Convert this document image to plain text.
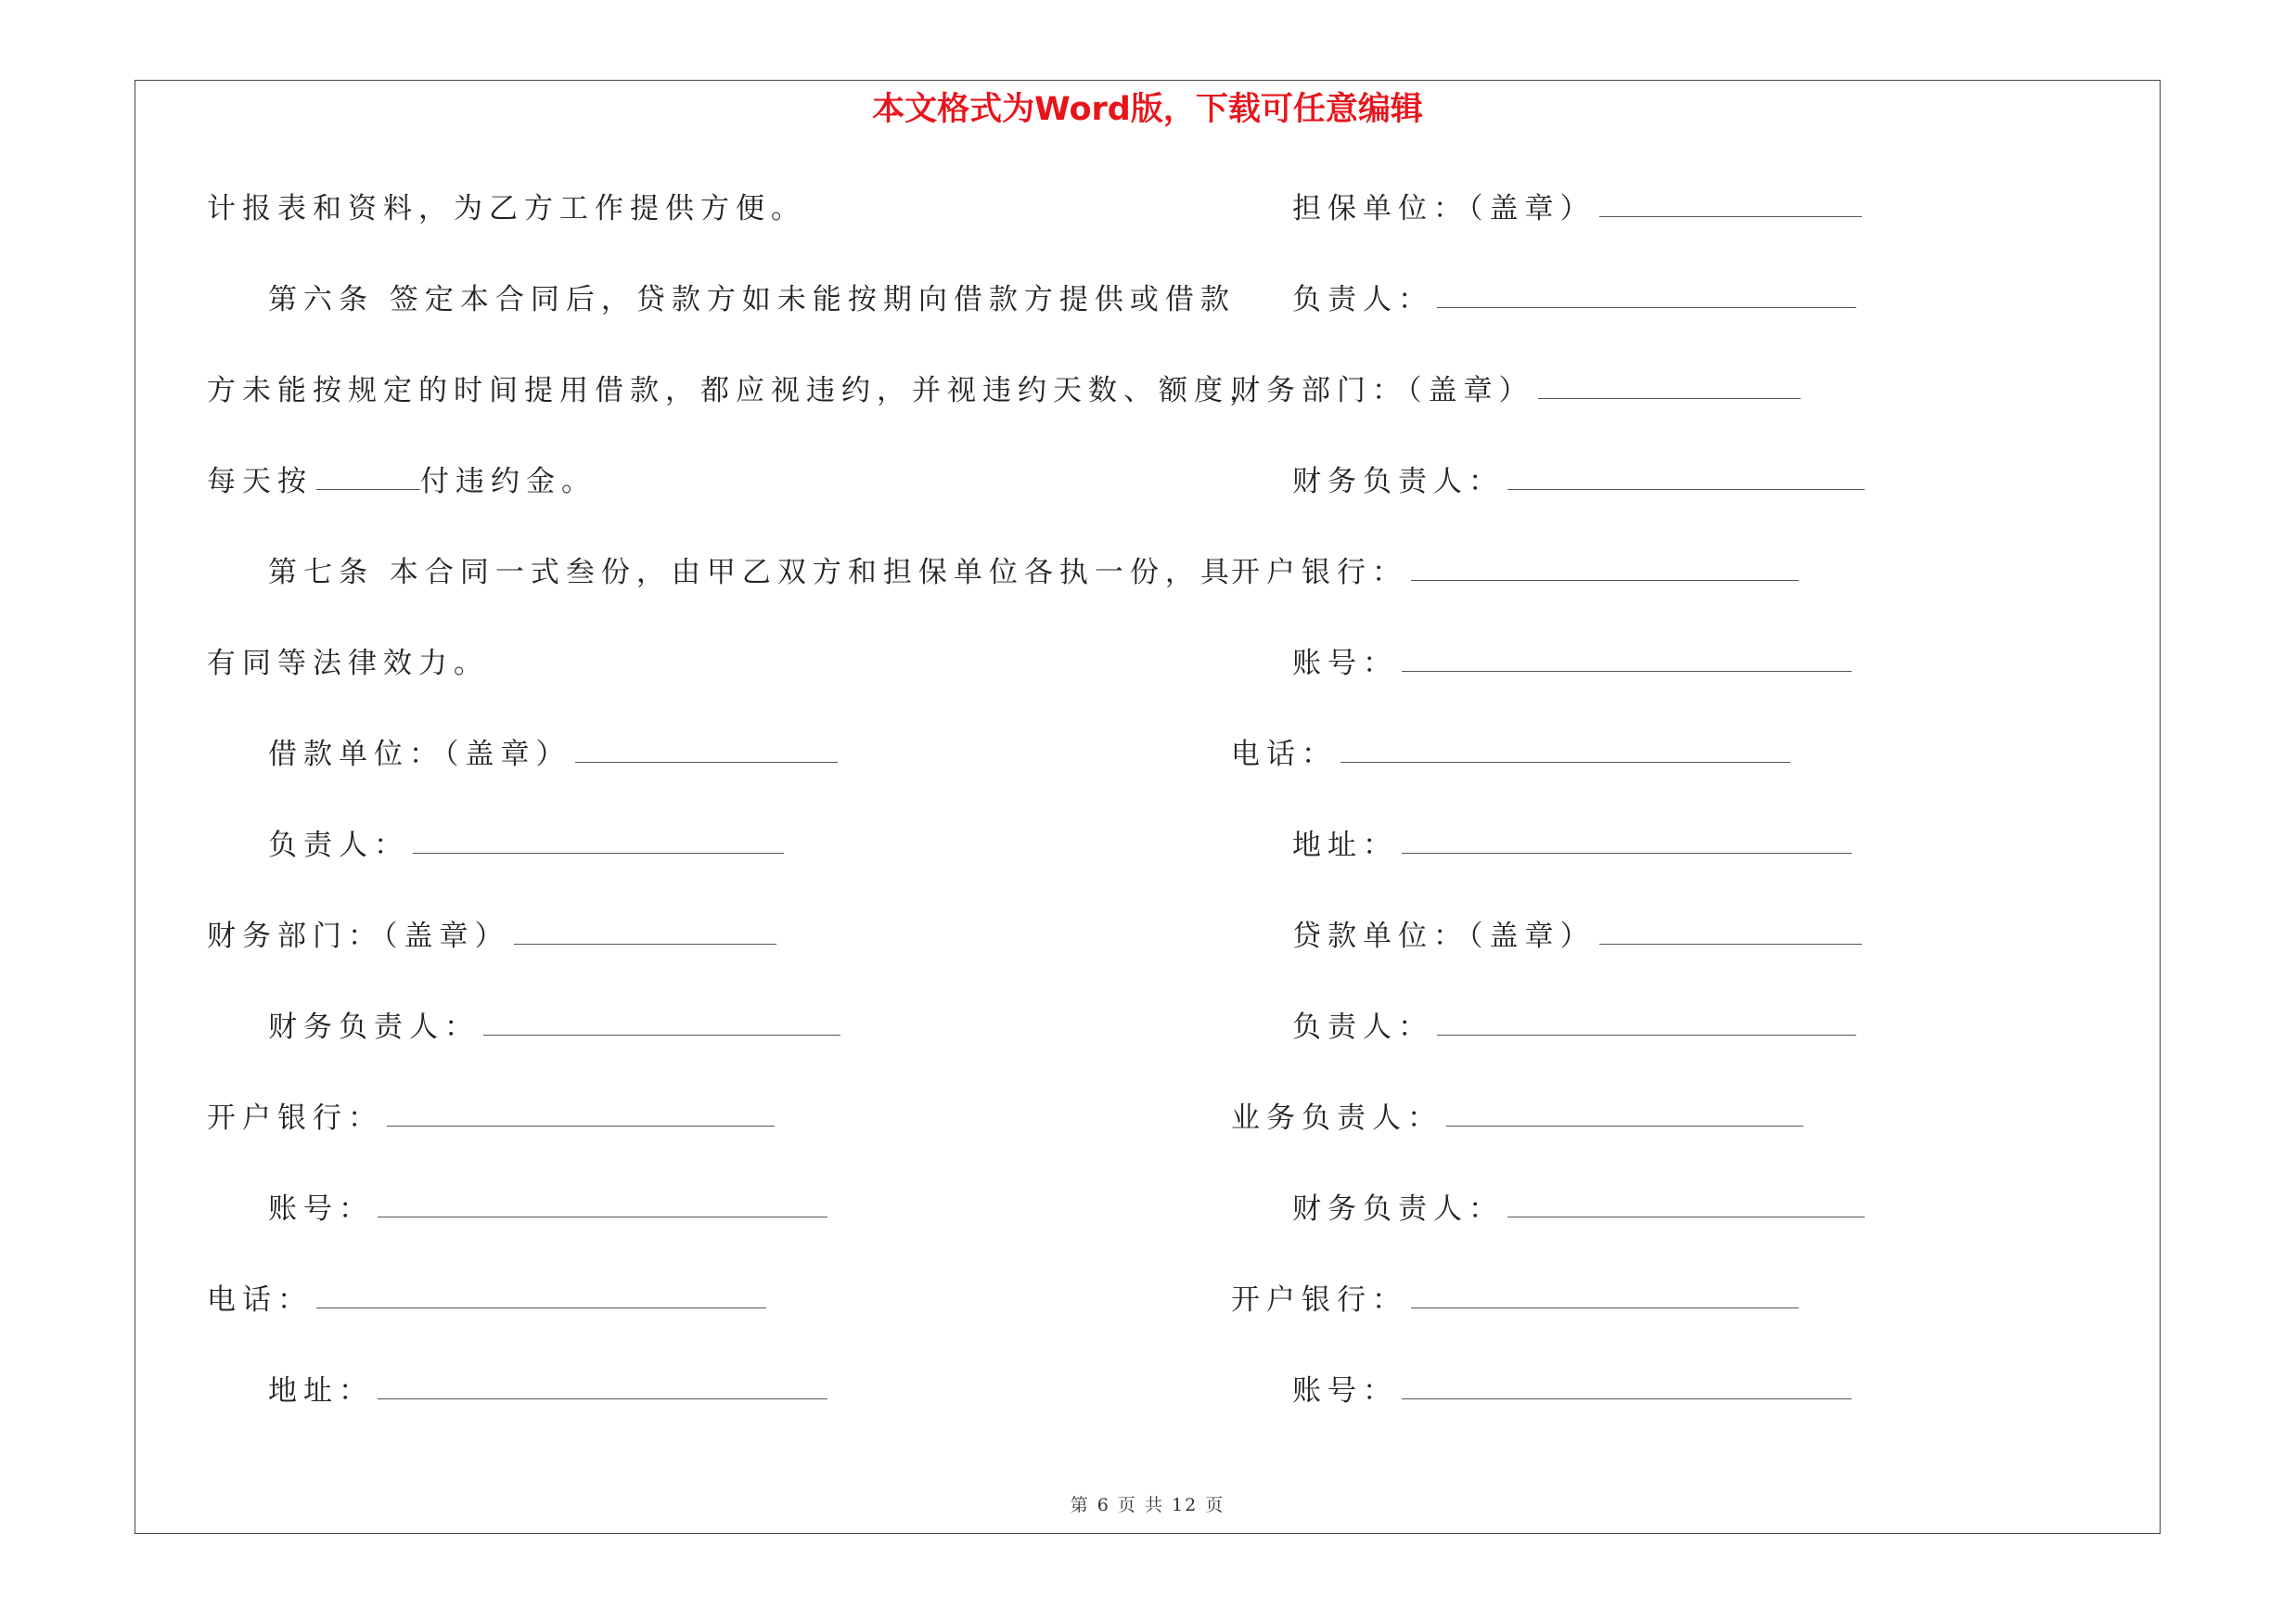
本文格式为Word版，下载可任意编辑
计报表和资料，为乙方工作提供方便。
第六条 签定本合同后，贷款方如未能按期向借款方提供或借款
方未能按规定的时间提用借款，都应视违约，并视违约天数、额度，
每天按	付违约金。
第七条 本合同一式叁份，由甲乙双方和担保单位各执一份，具
有同等法律效力。
借款单位：（盖章）
负责人：
财务部门：（盖章）
财务负责人：
开户银行：
账号：
电话：
地址：
担保单位：（盖章）
负责人：
财务部门：（盖章）
财务负责人：
开户银行：
账号：
电话：
地址：
贷款单位：（盖章）
负责人：
业务负责人：
财务负责人：
开户银行：
账号：
第 6 页 共 12 页
